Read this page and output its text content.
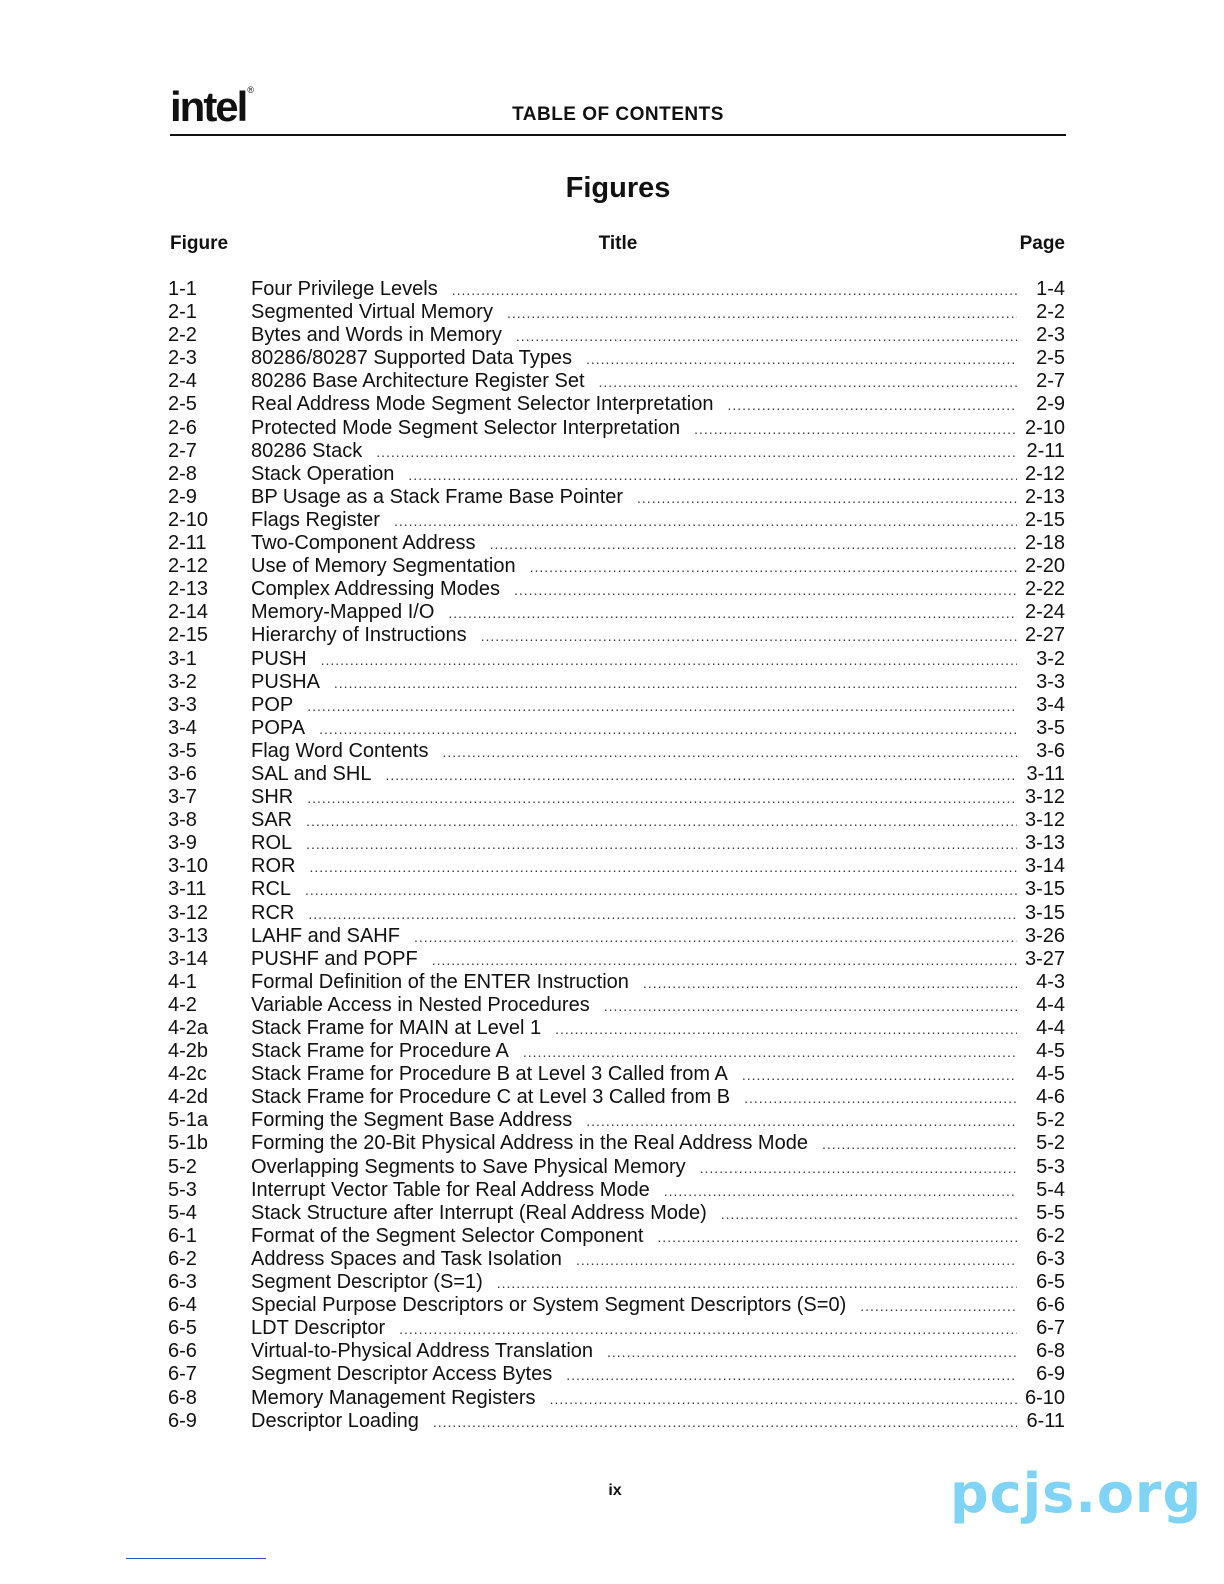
intel®
TABLE OF CONTENTS
Figures
Figure	Title	Page
1-1	Four Privilege Levels .....	1-4
2-1	Segmented Virtual Memory .....	2-2
2-2	Bytes and Words in Memory .....	2-3
2-3	80286/80287 Supported Data Types .....	2-5
2-4	80286 Base Architecture Register Set .....	2-7
2-5	Real Address Mode Segment Selector Interpretation .....	2-9
2-6	Protected Mode Segment Selector Interpretation .....	2-10
2-7	80286 Stack .....	2-11
2-8	Stack Operation .....	2-12
2-9	BP Usage as a Stack Frame Base Pointer .....	2-13
2-10	Flags Register .....	2-15
2-11	Two-Component Address .....	2-18
2-12	Use of Memory Segmentation .....	2-20
2-13	Complex Addressing Modes .....	2-22
2-14	Memory-Mapped I/O .....	2-24
2-15	Hierarchy of Instructions .....	2-27
3-1	PUSH .....	3-2
3-2	PUSHA .....	3-3
3-3	POP .....	3-4
3-4	POPA .....	3-5
3-5	Flag Word Contents .....	3-6
3-6	SAL and SHL .....	3-11
3-7	SHR .....	3-12
3-8	SAR .....	3-12
3-9	ROL .....	3-13
3-10	ROR .....	3-14
3-11	RCL .....	3-15
3-12	RCR .....	3-15
3-13	LAHF and SAHF .....	3-26
3-14	PUSHF and POPF .....	3-27
4-1	Formal Definition of the ENTER Instruction .....	4-3
4-2	Variable Access in Nested Procedures .....	4-4
4-2a	Stack Frame for MAIN at Level 1 .....	4-4
4-2b	Stack Frame for Procedure A .....	4-5
4-2c	Stack Frame for Procedure B at Level 3 Called from A .....	4-5
4-2d	Stack Frame for Procedure C at Level 3 Called from B .....	4-6
5-1a	Forming the Segment Base Address .....	5-2
5-1b	Forming the 20-Bit Physical Address in the Real Address Mode .....	5-2
5-2	Overlapping Segments to Save Physical Memory .....	5-3
5-3	Interrupt Vector Table for Real Address Mode .....	5-4
5-4	Stack Structure after Interrupt (Real Address Mode) .....	5-5
6-1	Format of the Segment Selector Component .....	6-2
6-2	Address Spaces and Task Isolation .....	6-3
6-3	Segment Descriptor (S=1) .....	6-5
6-4	Special Purpose Descriptors or System Segment Descriptors (S=0) .....	6-6
6-5	LDT Descriptor .....	6-7
6-6	Virtual-to-Physical Address Translation .....	6-8
6-7	Segment Descriptor Access Bytes .....	6-9
6-8	Memory Management Registers .....	6-10
6-9	Descriptor Loading .....	6-11
ix	pcjs.org
